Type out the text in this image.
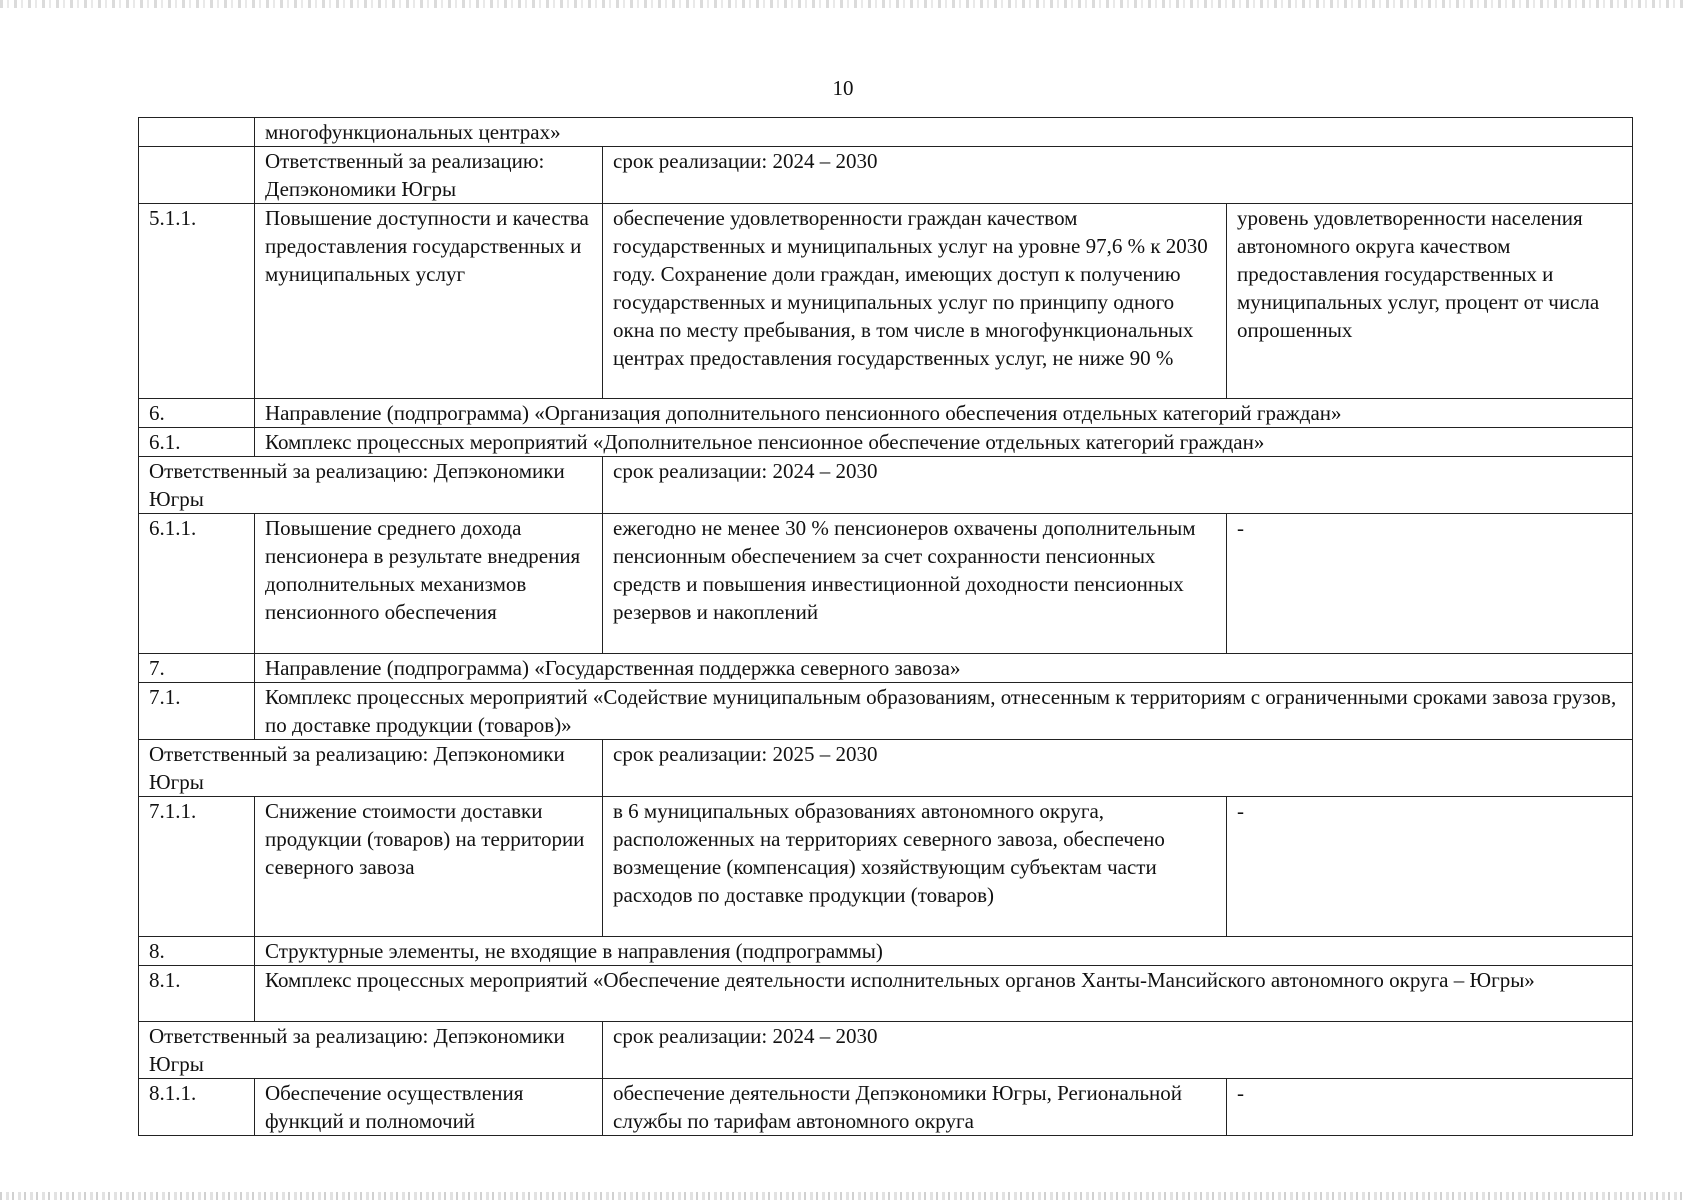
10
	многофункциональных центрах»		
	Ответственный за реализацию: Депэкономики Югры	срок реализации: 2024 – 2030	
5.1.1.	Повышение доступности и качества предоставления государственных и муниципальных услуг	обеспечение удовлетворенности граждан качеством государственных и муниципальных услуг на уровне 97,6 % к 2030 году. Сохранение доли граждан, имеющих доступ к получению государственных и муниципальных услуг по принципу одного окна по месту пребывания, в том числе в многофункциональных центрах предоставления государственных услуг, не ниже 90 %	уровень удовлетворенности населения автономного округа качеством предоставления государственных и муниципальных услуг, процент от числа опрошенных
6.	Направление (подпрограмма) «Организация дополнительного пенсионного обеспечения отдельных категорий граждан»		
6.1.	Комплекс процессных мероприятий «Дополнительное пенсионное обеспечение отдельных категорий граждан»		
Ответственный за реализацию: Депэкономики Югры		срок реализации: 2024 – 2030	
6.1.1.	Повышение среднего дохода пенсионера в результате внедрения дополнительных механизмов пенсионного обеспечения	ежегодно не менее 30 % пенсионеров охвачены дополнительным пенсионным обеспечением за счет сохранности пенсионных средств и повышения инвестиционной доходности пенсионных резервов и накоплений	-
7.	Направление (подпрограмма) «Государственная поддержка северного завоза»		
7.1.	Комплекс процессных мероприятий «Содействие муниципальным образованиям, отнесенным к территориям с ограниченными сроками завоза грузов, по доставке продукции (товаров)»		
Ответственный за реализацию: Депэкономики Югры		срок реализации: 2025 – 2030	
7.1.1.	Снижение стоимости доставки продукции (товаров) на территории северного завоза	в 6 муниципальных образованиях автономного округа, расположенных на территориях северного завоза, обеспечено возмещение (компенсация) хозяйствующим субъектам части расходов по доставке продукции (товаров)	-
8.	Структурные элементы, не входящие в направления (подпрограммы)		
8.1.	Комплекс процессных мероприятий «Обеспечение деятельности исполнительных органов Ханты-Мансийского автономного округа – Югры»		
Ответственный за реализацию: Депэкономики Югры		срок реализации: 2024 – 2030	
8.1.1.	Обеспечение осуществления функций и полномочий	обеспечение деятельности Депэкономики Югры, Региональной службы по тарифам автономного округа	-
